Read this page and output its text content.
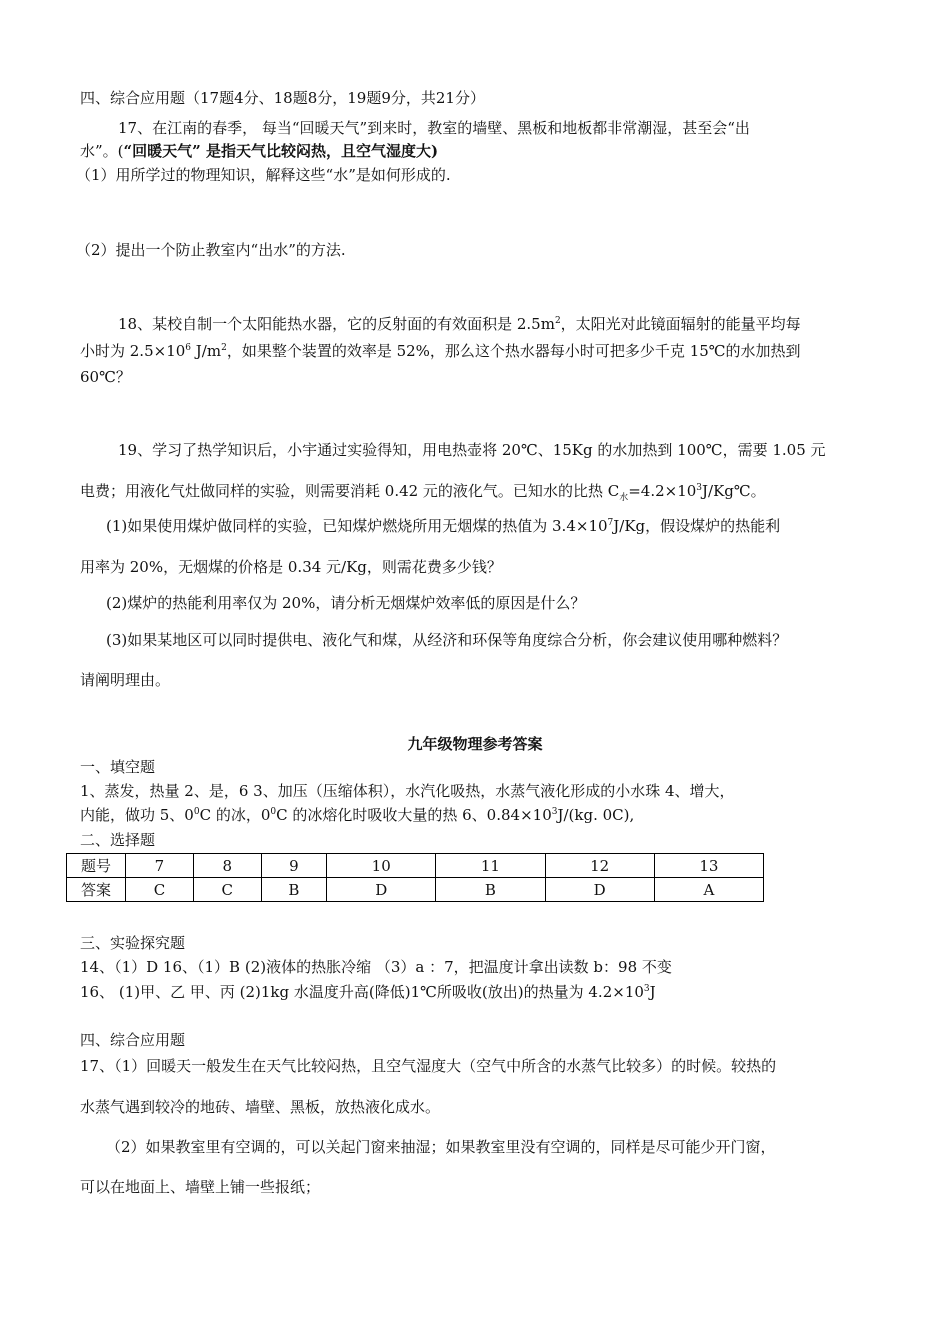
四、综合应用题（17题4分、18题8分，19题9分，共21分）
17、在江南的春季， 每当“回暖天气”到来时，教室的墙壁、黑板和地板都非常潮湿，甚至会“出
水”。(“回暖天气” 是指天气比较闷热，且空气湿度大)
（1）用所学过的物理知识，解释这些“水”是如何形成的.
（2）提出一个防止教室内“出水”的方法.
18、某校自制一个太阳能热水器，它的反射面的有效面积是 $2.5m^2$，太阳光对此镜面辐射的能量平均每
小时为 $2.5\times 10^6$ $J/m^2$，如果整个装置的效率是 52%，那么这个热水器每小时可把多少千克 15℃的水加热到
60℃？
19、学习了热学知识后，小宇通过实验得知，用电热壶将 20℃、15Kg 的水加热到 100℃，需要 1.05 元
电费；用液化气灶做同样的实验，则需要消耗 0.42 元的液化气。已知水的比热 $C_水=4.2\times 10^3J/Kg℃$。
(1)如果使用煤炉做同样的实验，已知煤炉燃烧所用无烟煤的热值为 $3.4\times 10^7J/Kg$，假设煤炉的热能利
用率为 20%，无烟煤的价格是 0.34 元/Kg，则需花费多少钱？
(2)煤炉的热能利用率仅为 20%，请分析无烟煤炉效率低的原因是什么？
(3)如果某地区可以同时提供电、液化气和煤，从经济和环保等角度综合分析，你会建议使用哪种燃料？
请阐明理由。
九年级物理参考答案
一、填空题
1、蒸发，热量 2、是，6 3、加压（压缩体积），水汽化吸热，水蒸气液化形成的小水珠 4、增大，
内能，做功 5、$0^0C$ 的冰，$0^0C$ 的冰熔化时吸收大量的热 6、$0.84\times 10^3J/(kg$. 0C),
二、选择题
题号	7	8	9	10	11	12	13
答案	C	C	B	D	B	D	A
三、实验探究题
14、（1）D 16、（1）B (2)液体的热胀冷缩 （3）a ：7，把温度计拿出读数 b：98 不变
16、 (1)甲、乙 甲、丙 (2)1kg 水温度升高(降低)1℃所吸收(放出)的热量为 $4.2\times 10^3J$
四、综合应用题
17、（1）回暖天一般发生在天气比较闷热，且空气湿度大（空气中所含的水蒸气比较多）的时候。较热的
水蒸气遇到较冷的地砖、墙壁、黑板，放热液化成水。
（2）如果教室里有空调的，可以关起门窗来抽湿；如果教室里没有空调的，同样是尽可能少开门窗，
可以在地面上、墙壁上铺一些报纸；
